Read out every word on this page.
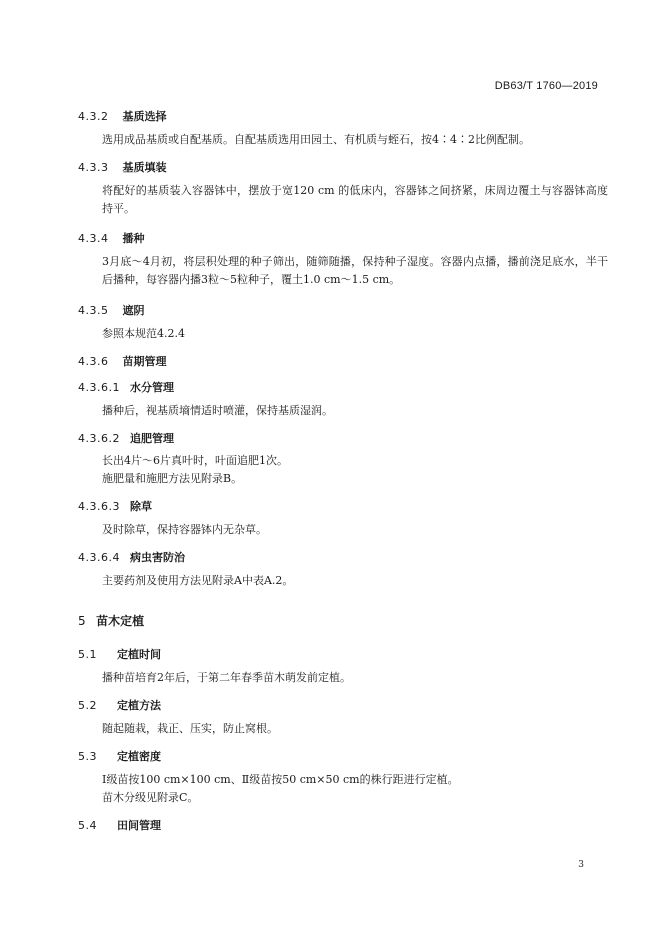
DB63/T 1760—2019
4.3.2 基质选择
选用成品基质或自配基质。自配基质选用田园土、有机质与蛭石，按4∶4∶2比例配制。
4.3.3 基质填装
将配好的基质装入容器钵中，摆放于宽120 cm 的低床内，容器钵之间挤紧，床周边覆土与容器钵高度持平。
4.3.4 播种
3月底～4月初，将层积处理的种子筛出，随筛随播，保持种子湿度。容器内点播，播前浇足底水，半干后播种，每容器内播3粒～5粒种子，覆土1.0 cm～1.5 cm。
4.3.5 遮阴
参照本规范4.2.4
4.3.6 苗期管理
4.3.6.1 水分管理
播种后，视基质墒情适时喷灌，保持基质湿润。
4.3.6.2 追肥管理
长出4片～6片真叶时，叶面追肥1次。
施肥量和施肥方法见附录B。
4.3.6.3 除草
及时除草，保持容器钵内无杂草。
4.3.6.4 病虫害防治
主要药剂及使用方法见附录A中表A.2。
5 苗木定植
5.1 定植时间
播种苗培育2年后，于第二年春季苗木萌发前定植。
5.2 定植方法
随起随栽，栽正、压实，防止窝根。
5.3 定植密度
Ⅰ级苗按100 cm×100 cm、Ⅱ级苗按50 cm×50 cm的株行距进行定植。
苗木分级见附录C。
5.4 田间管理
3
